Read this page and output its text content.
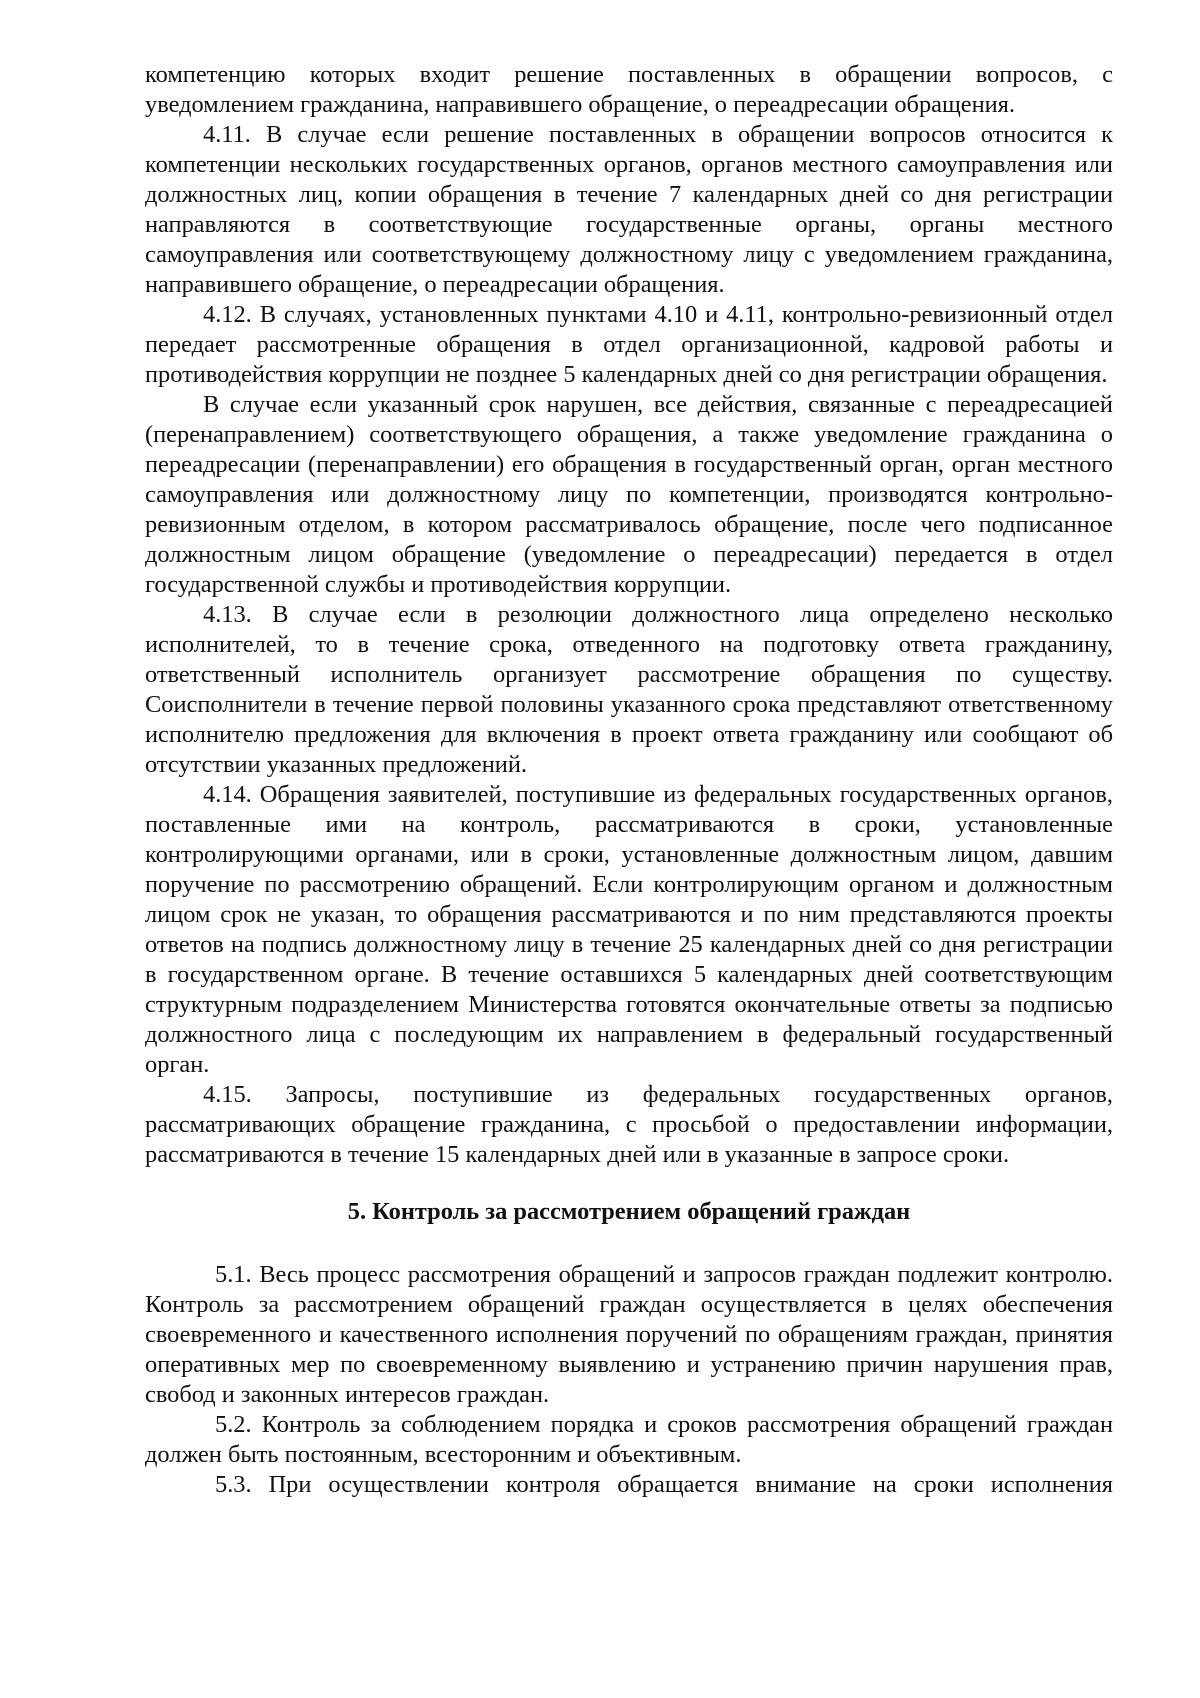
компетенцию которых входит решение поставленных в обращении вопросов, с уведомлением гражданина, направившего обращение, о переадресации обращения.

4.11. В случае если решение поставленных в обращении вопросов относится к компетенции нескольких государственных органов, органов местного самоуправления или должностных лиц, копии обращения в течение 7 календарных дней со дня регистрации направляются в соответствующие государственные органы, органы местного самоуправления или соответствующему должностному лицу с уведомлением гражданина, направившего обращение, о переадресации обращения.

4.12. В случаях, установленных пунктами 4.10 и 4.11, контрольно-ревизионный отдел передает рассмотренные обращения в отдел организационной, кадровой работы и противодействия коррупции не позднее 5 календарных дней со дня регистрации обращения.

В случае если указанный срок нарушен, все действия, связанные с переадресацией (перенаправлением) соответствующего обращения, а также уведомление гражданина о переадресации (перенаправлении) его обращения в государственный орган, орган местного самоуправления или должностному лицу по компетенции, производятся контрольно-ревизионным отделом, в котором рассматривалось обращение, после чего подписанное должностным лицом обращение (уведомление о переадресации) передается в отдел государственной службы и противодействия коррупции.

4.13. В случае если в резолюции должностного лица определено несколько исполнителей, то в течение срока, отведенного на подготовку ответа гражданину, ответственный исполнитель организует рассмотрение обращения по существу. Соисполнители в течение первой половины указанного срока представляют ответственному исполнителю предложения для включения в проект ответа гражданину или сообщают об отсутствии указанных предложений.

4.14. Обращения заявителей, поступившие из федеральных государственных органов, поставленные ими на контроль, рассматриваются в сроки, установленные контролирующими органами, или в сроки, установленные должностным лицом, давшим поручение по рассмотрению обращений. Если контролирующим органом и должностным лицом срок не указан, то обращения рассматриваются и по ним представляются проекты ответов на подпись должностному лицу в течение 25 календарных дней со дня регистрации в государственном органе. В течение оставшихся 5 календарных дней соответствующим структурным подразделением Министерства готовятся окончательные ответы за подписью должностного лица с последующим их направлением в федеральный государственный орган.

4.15. Запросы, поступившие из федеральных государственных органов, рассматривающих обращение гражданина, с просьбой о предоставлении информации, рассматриваются в течение 15 календарных дней или в указанные в запросе сроки.

5. Контроль за рассмотрением обращений граждан

5.1. Весь процесс рассмотрения обращений и запросов граждан подлежит контролю. Контроль за рассмотрением обращений граждан осуществляется в целях обеспечения своевременного и качественного исполнения поручений по обращениям граждан, принятия оперативных мер по своевременному выявлению и устранению причин нарушения прав, свобод и законных интересов граждан.

5.2. Контроль за соблюдением порядка и сроков рассмотрения обращений граждан должен быть постоянным, всесторонним и объективным.

5.3. При осуществлении контроля обращается внимание на сроки исполнения
